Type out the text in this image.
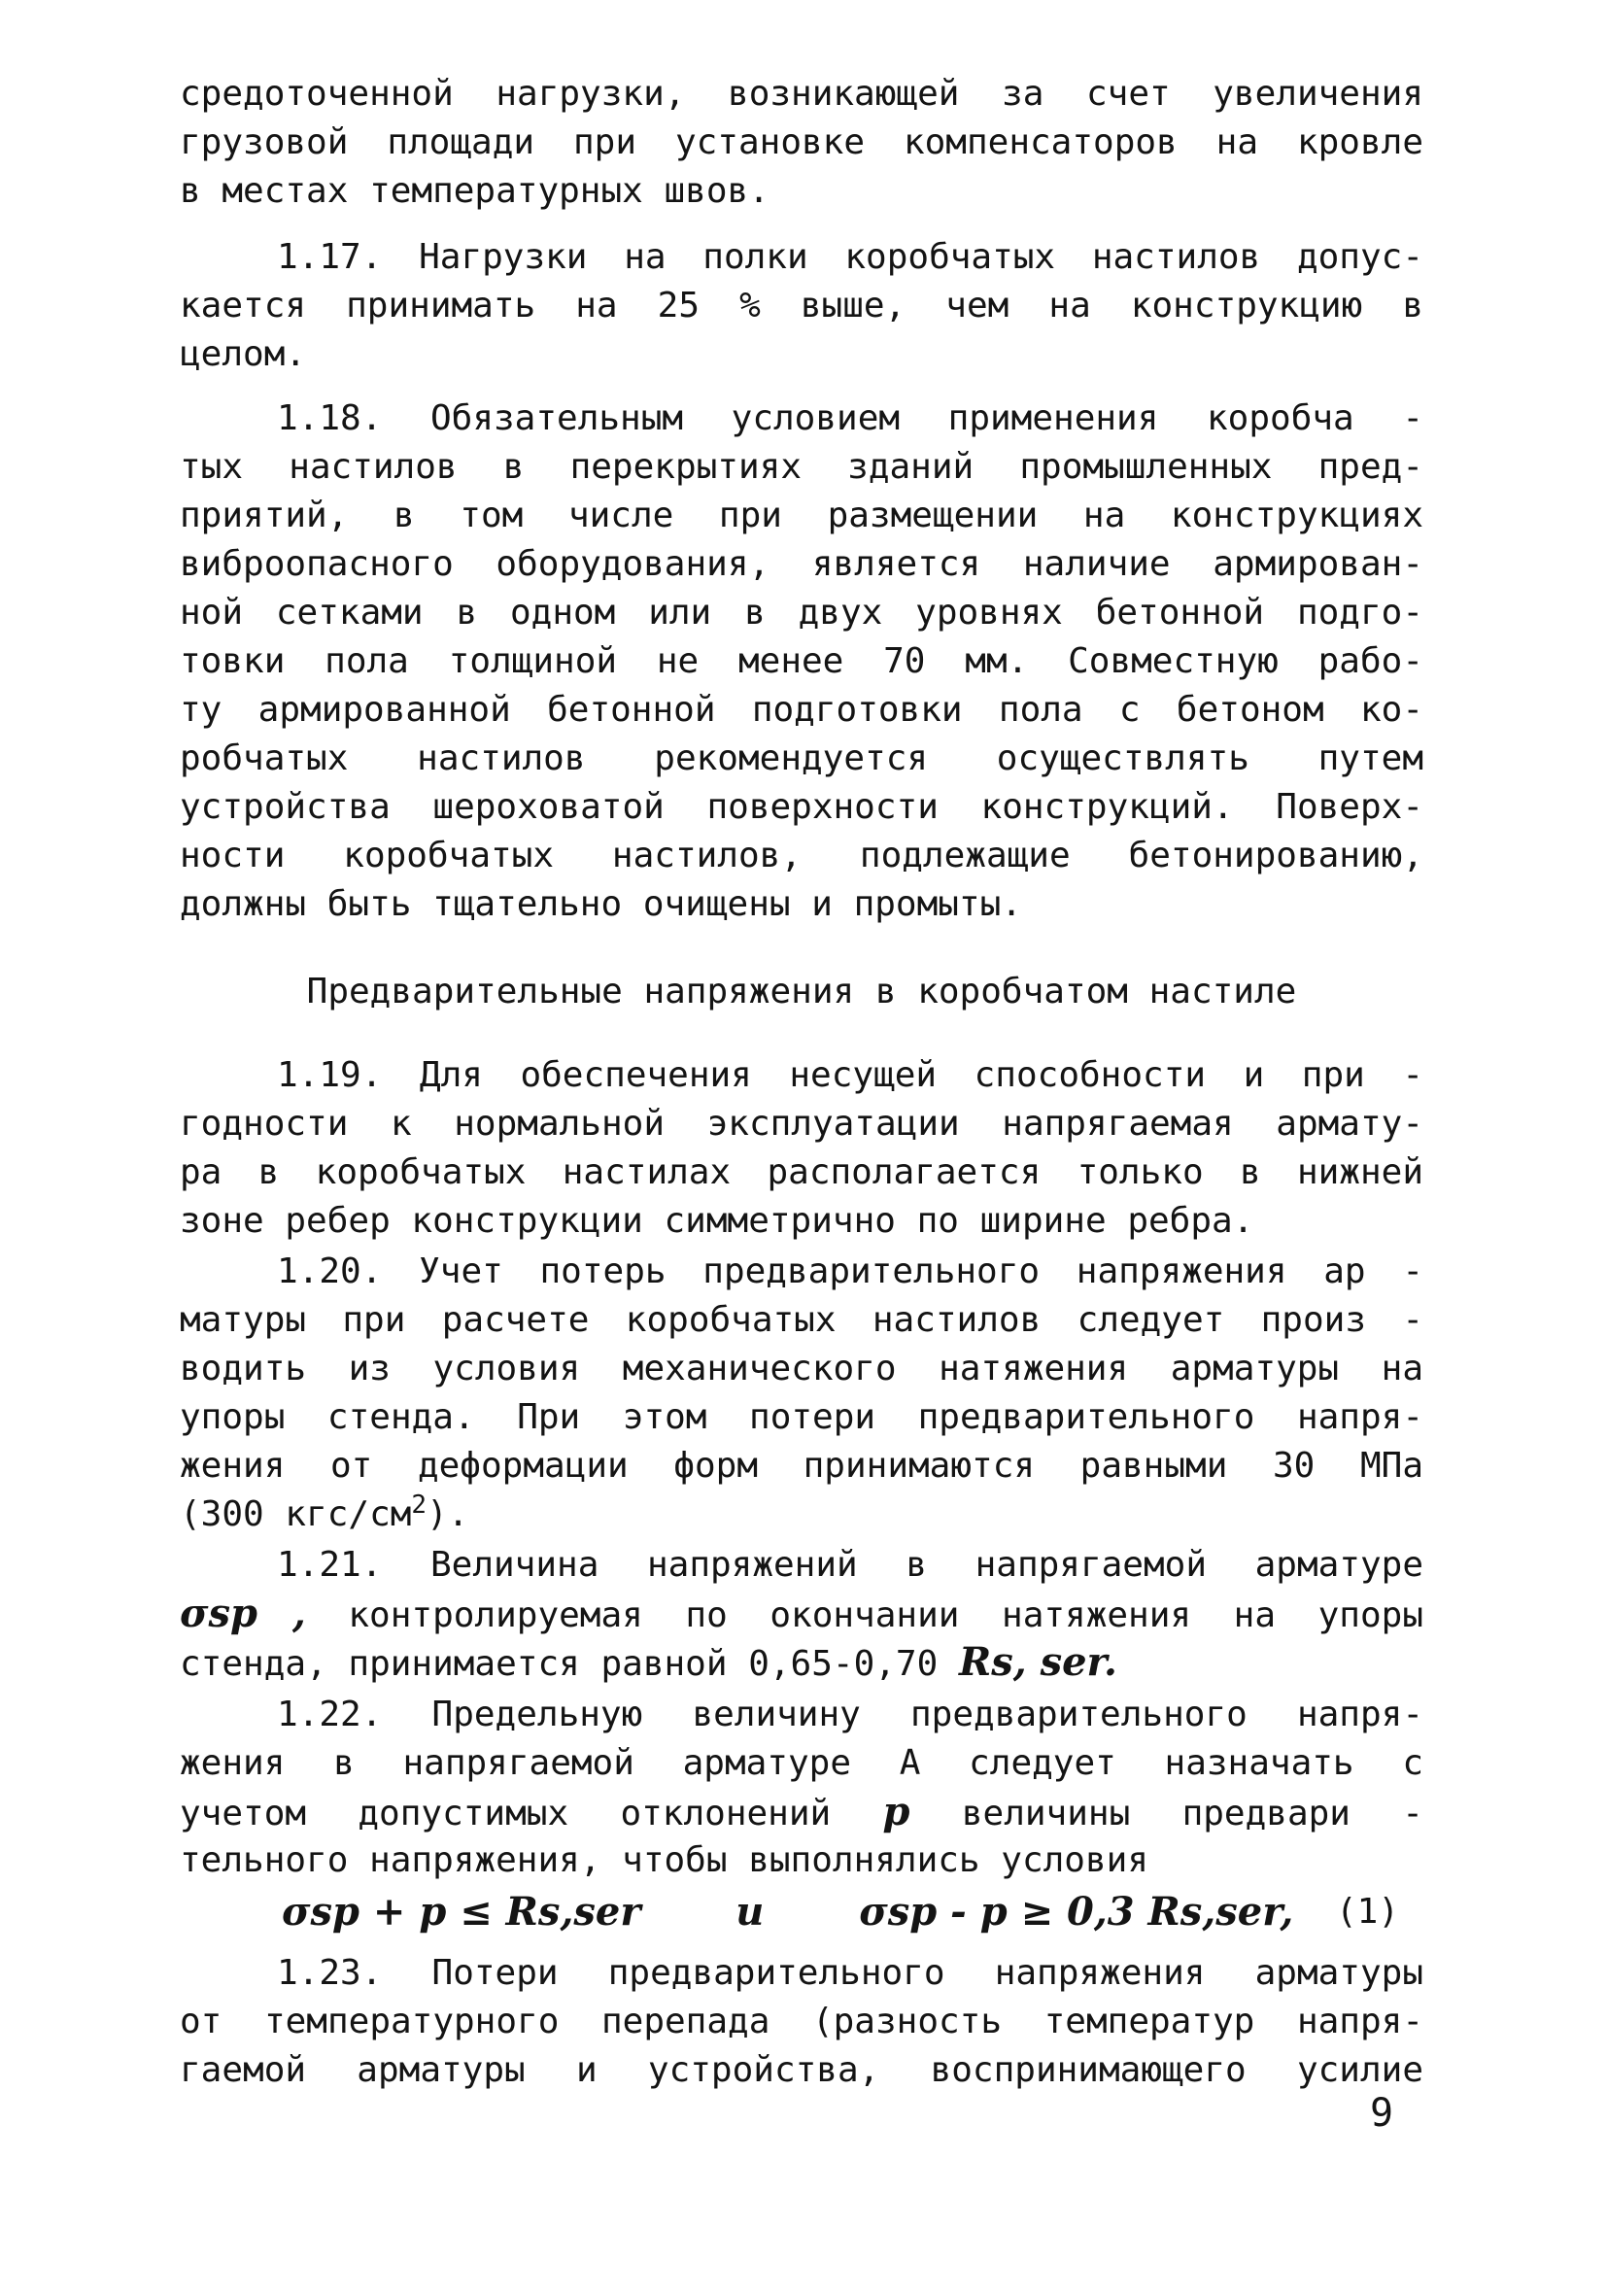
средоточенной нагрузки, возникающей за счет увеличения
грузовой площади при установке компенсаторов на кровле
в местах температурных швов.
1.17. Нагрузки на полки коробчатых настилов допус-
кается принимать на 25 % выше, чем на конструкцию в
целом.
1.18. Обязательным условием применения коробча -
тых настилов в перекрытиях зданий промышленных пред-
приятий, в том числе при размещении на конструкциях
виброопасного оборудования, является наличие армирован-
ной сетками в одном или в двух уровнях бетонной подго-
товки пола толщиной не менее 70 мм. Совместную рабо-
ту армированной бетонной подготовки пола с бетоном ко-
робчатых настилов рекомендуется осуществлять путем
устройства шероховатой поверхности конструкций. Поверх-
ности коробчатых настилов, подлежащие бетонированию,
должны быть тщательно очищены и промыты.
Предварительные напряжения в коробчатом настиле
1.19. Для обеспечения несущей способности и при -
годности к нормальной эксплуатации напрягаемая армату-
ра в коробчатых настилах располагается только в нижней
зоне ребер конструкции симметрично по ширине ребра.
1.20. Учет потерь предварительного напряжения ар -
матуры при расчете коробчатых настилов следует произ -
водить из условия механического натяжения арматуры на
упоры стенда. При этом потери предварительного напря-
жения от деформации форм принимаются равными 30 МПа
(300 кгс/$см^2$).
1.21. Величина напряжений в напрягаемой арматуре
σsp , контролируемая по окончании натяжения на упоры
стенда, принимается равной 0,65-0,70 Rs, ser.
1.22. Предельную величину предварительного напря-
жения в напрягаемой арматуре А следует назначать с
учетом допустимых отклонений p величины предвари -
тельного напряжения, чтобы выполнялись условия
σsp + p ≤ Rs,ser и σsp - p ≥ 0,3 Rs,ser, (1)
1.23. Потери предварительного напряжения арматуры
от температурного перепада (разность температур напря-
гаемой арматуры и устройства, воспринимающего усилие
9
